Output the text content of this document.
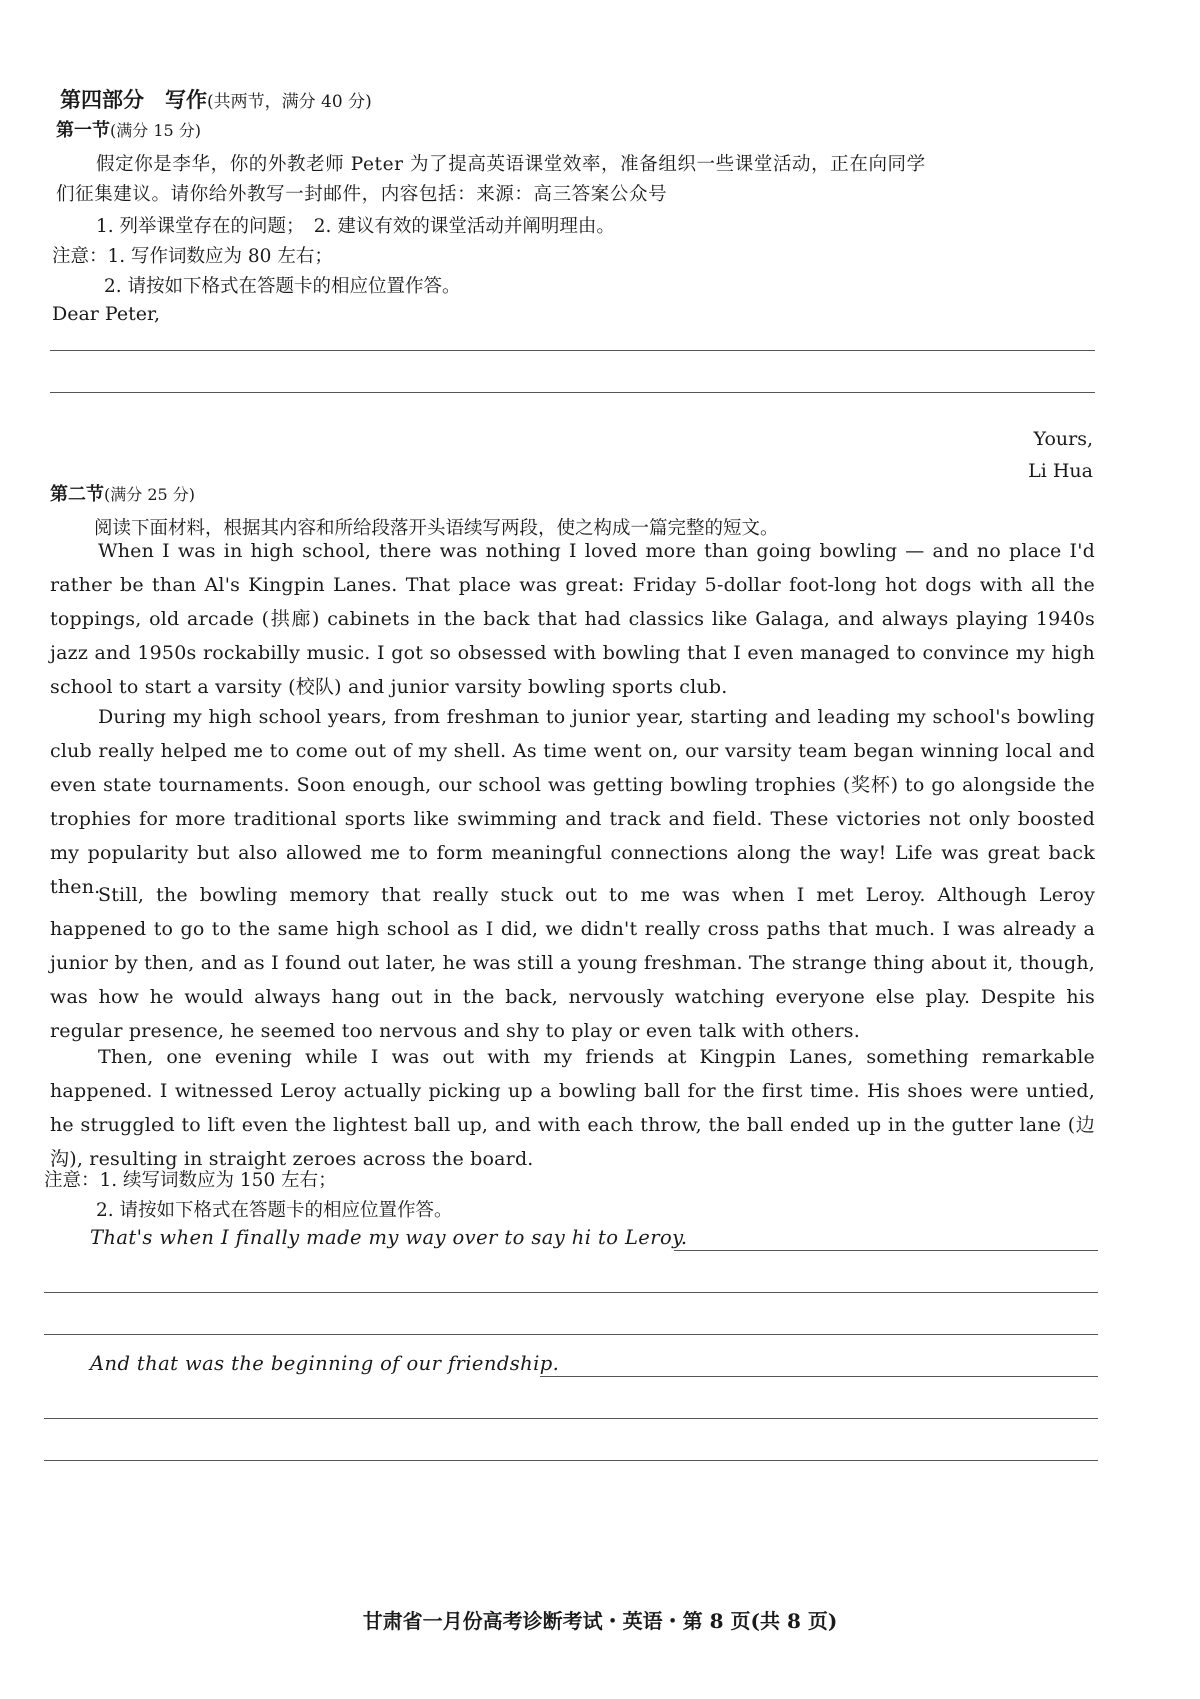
第四部分　写作(共两节，满分 40 分)
第一节(满分 15 分)
假定你是李华，你的外教老师 Peter 为了提高英语课堂效率，准备组织一些课堂活动，正在向同学
们征集建议。请你给外教写一封邮件，内容包括：来源：高三答案公众号
1. 列举课堂存在的问题；　2. 建议有效的课堂活动并阐明理由。
注意：1. 写作词数应为 80 左右；
2. 请按如下格式在答题卡的相应位置作答。
Dear Peter,
Yours,
Li Hua
第二节(满分 25 分)
阅读下面材料，根据其内容和所给段落开头语续写两段，使之构成一篇完整的短文。
When I was in high school, there was nothing I loved more than going bowling — and no place I'd rather be than Al's Kingpin Lanes. That place was great: Friday 5-dollar foot-long hot dogs with all the toppings, old arcade (拱廊) cabinets in the back that had classics like Galaga, and always playing 1940s jazz and 1950s rockabilly music. I got so obsessed with bowling that I even managed to convince my high school to start a varsity (校队) and junior varsity bowling sports club.
During my high school years, from freshman to junior year, starting and leading my school's bowling club really helped me to come out of my shell. As time went on, our varsity team began winning local and even state tournaments. Soon enough, our school was getting bowling trophies (奖杯) to go alongside the trophies for more traditional sports like swimming and track and field. These victories not only boosted my popularity but also allowed me to form meaningful connections along the way! Life was great back then.
Still, the bowling memory that really stuck out to me was when I met Leroy. Although Leroy happened to go to the same high school as I did, we didn't really cross paths that much. I was already a junior by then, and as I found out later, he was still a young freshman. The strange thing about it, though, was how he would always hang out in the back, nervously watching everyone else play. Despite his regular presence, he seemed too nervous and shy to play or even talk with others.
Then, one evening while I was out with my friends at Kingpin Lanes, something remarkable happened. I witnessed Leroy actually picking up a bowling ball for the first time. His shoes were untied, he struggled to lift even the lightest ball up, and with each throw, the ball ended up in the gutter lane (边沟), resulting in straight zeroes across the board.
注意：1. 续写词数应为 150 左右；
2. 请按如下格式在答题卡的相应位置作答。
That's when I finally made my way over to say hi to Leroy.
And that was the beginning of our friendship.
甘肃省一月份高考诊断考试・英语・第 8 页(共 8 页)
